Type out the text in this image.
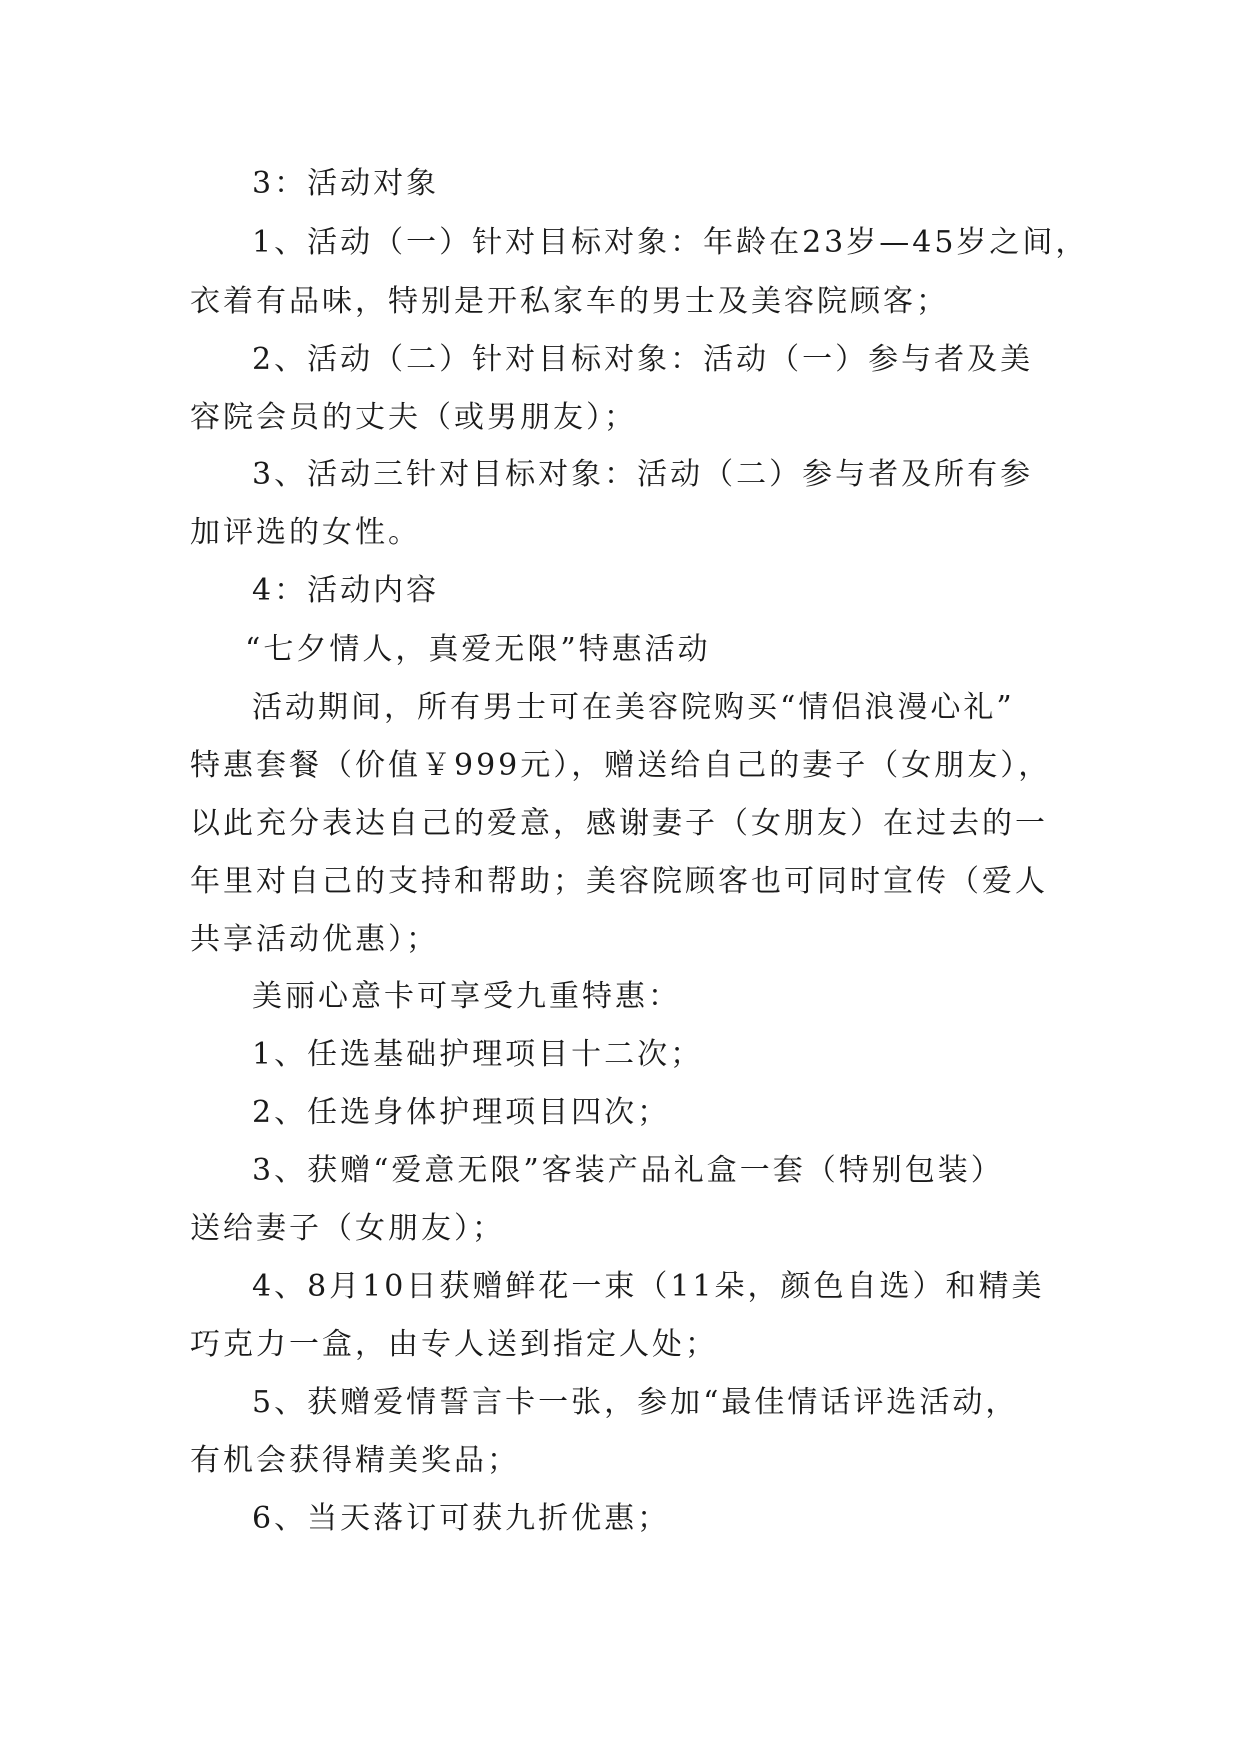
3：活动对象
1、活动（一）针对目标对象：年龄在23岁—45岁之间，
衣着有品味，特别是开私家车的男士及美容院顾客；
2、活动（二）针对目标对象：活动（一）参与者及美
容院会员的丈夫（或男朋友）；
3、活动三针对目标对象：活动（二）参与者及所有参
加评选的女性。
4：活动内容
“七夕情人，真爱无限”特惠活动
活动期间，所有男士可在美容院购买“情侣浪漫心礼”
特惠套餐（价值￥999元），赠送给自己的妻子（女朋友），
以此充分表达自己的爱意，感谢妻子（女朋友）在过去的一
年里对自己的支持和帮助；美容院顾客也可同时宣传（爱人
共享活动优惠）；
美丽心意卡可享受九重特惠：
1、任选基础护理项目十二次；
2、任选身体护理项目四次；
3、获赠“爱意无限”客装产品礼盒一套（特别包装）
送给妻子（女朋友）；
4、8月10日获赠鲜花一束（11朵，颜色自选）和精美
巧克力一盒，由专人送到指定人处；
5、获赠爱情誓言卡一张，参加“最佳情话评选活动，
有机会获得精美奖品；
6、当天落订可获九折优惠；
